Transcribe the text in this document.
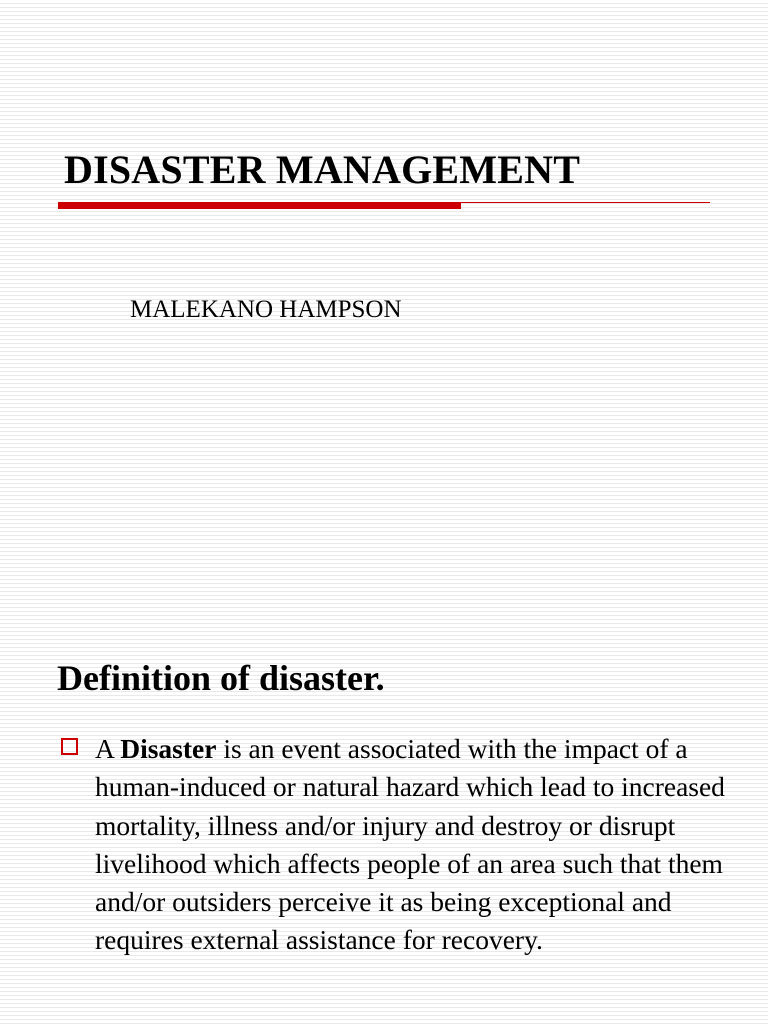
DISASTER MANAGEMENT

MALEKANO HAMPSON

Definition of disaster.

A Disaster is an event associated with the impact of a human-induced or natural hazard which lead to increased mortality, illness and/or injury and destroy or disrupt livelihood which affects people of an area such that them and/or outsiders perceive it as being exceptional and requires external assistance for recovery.
